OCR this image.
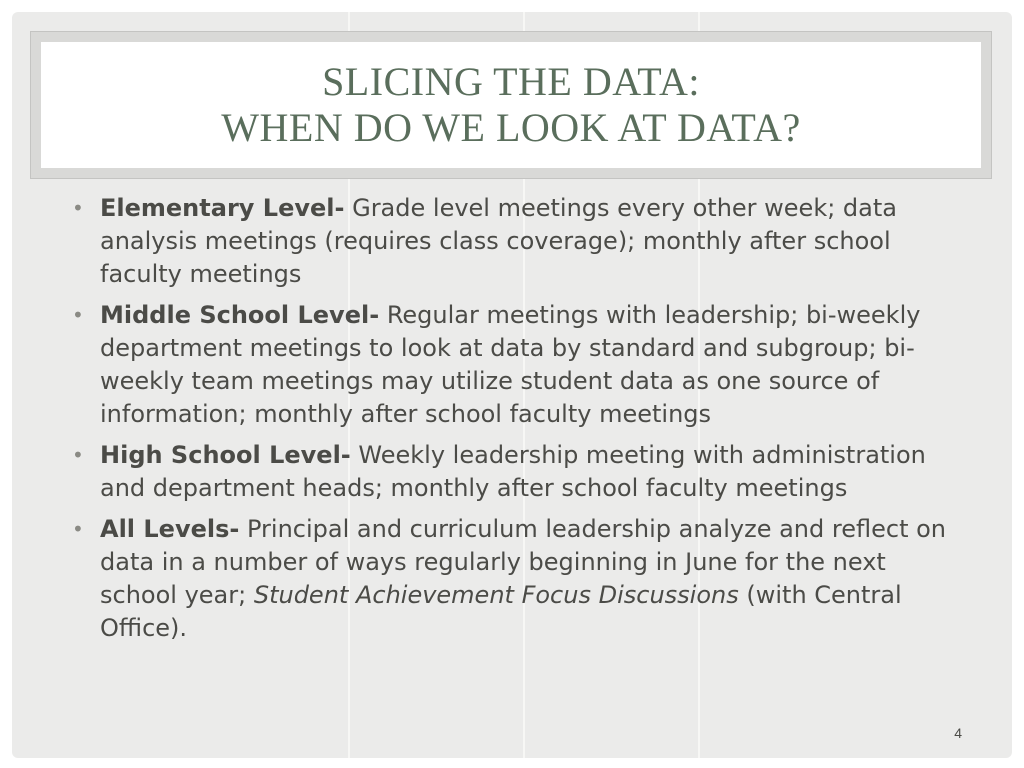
SLICING THE DATA:
WHEN DO WE LOOK AT DATA?
• Elementary Level- Grade level meetings every other week; data analysis meetings (requires class coverage); monthly after school faculty meetings
• Middle School Level- Regular meetings with leadership; bi-weekly department meetings to look at data by standard and subgroup; bi-weekly team meetings may utilize student data as one source of information; monthly after school faculty meetings
• High School Level- Weekly leadership meeting with administration and department heads; monthly after school faculty meetings
• All Levels- Principal and curriculum leadership analyze and reflect on data in a number of ways regularly beginning in June for the next school year; Student Achievement Focus Discussions (with Central Office).
4
